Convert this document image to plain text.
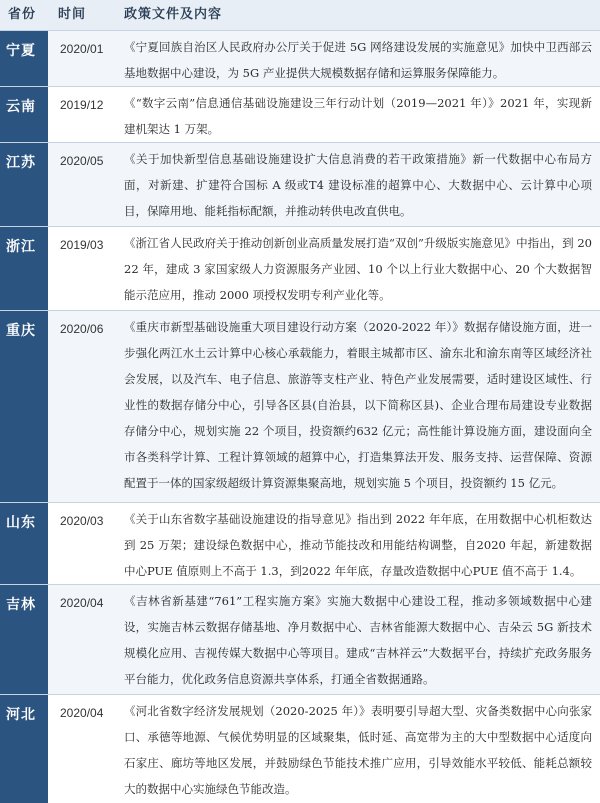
省份	时间	政策文件及内容
宁夏	2020/01	《宁夏回族自治区人民政府办公厅关于促进 5G 网络建设发展的实施意见》加快中卫西部云基地数据中心建设，为 5G 产业提供大规模数据存储和运算服务保障能力。
云南	2019/12	《“数字云南”信息通信基础设施建设三年行动计划（2019—2021 年）》2021 年，实现新建机架达 1 万架。
江苏	2020/05	《关于加快新型信息基础设施建设扩大信息消费的若干政策措施》新一代数据中心布局方面，对新建、扩建符合国标 A 级或T4 建设标准的超算中心、大数据中心、云计算中心项目，保障用地、能耗指标配额，并推动转供电改直供电。
浙江	2019/03	《浙江省人民政府关于推动创新创业高质量发展打造“双创”升级版实施意见》中指出，到 2022 年，建成 3 家国家级人力资源服务产业园、10 个以上行业大数据中心、20 个大数据智能示范应用，推动 2000 项授权发明专利产业化等。
重庆	2020/06	《重庆市新型基础设施重大项目建设行动方案（2020-2022 年）》数据存储设施方面，进一步强化两江水土云计算中心核心承载能力，着眼主城都市区、渝东北和渝东南等区域经济社会发展，以及汽车、电子信息、旅游等支柱产业、特色产业发展需要，适时建设区域性、行业性的数据存储分中心，引导各区县(自治县，以下简称区县)、企业合理布局建设专业数据存储分中心，规划实施 22 个项目，投资额约632 亿元；高性能计算设施方面，建设面向全市各类科学计算、工程计算领域的超算中心，打造集算法开发、服务支持、运营保障、资源配置于一体的国家级超级计算资源集聚高地，规划实施 5 个项目，投资额约 15 亿元。
山东	2020/03	《关于山东省数字基础设施建设的指导意见》指出到 2022 年年底，在用数据中心机柜数达到 25 万架；建设绿色数据中心，推动节能技改和用能结构调整，自2020 年起，新建数据中心PUE 值原则上不高于 1.3，到2022 年年底，存量改造数据中心PUE 值不高于 1.4。
吉林	2020/04	《吉林省新基建“761”工程实施方案》实施大数据中心建设工程，推动多领域数据中心建设，实施吉林云数据存储基地、净月数据中心、吉林省能源大数据中心、吉朵云 5G 新技术规模化应用、吉视传媒大数据中心等项目。建成“吉林祥云”大数据平台，持续扩充政务服务平台能力，优化政务信息资源共享体系，打通全省数据通路。
河北	2020/04	《河北省数字经济发展规划（2020-2025 年）》表明要引导超大型、灾备类数据中心向张家口、承德等地源、气候优势明显的区域聚集，低时延、高宽带为主的大中型数据中心适度向石家庄、廊坊等地区发展，并鼓励绿色节能技术推广应用，引导效能水平较低、能耗总额较大的数据中心实施绿色节能改造。
